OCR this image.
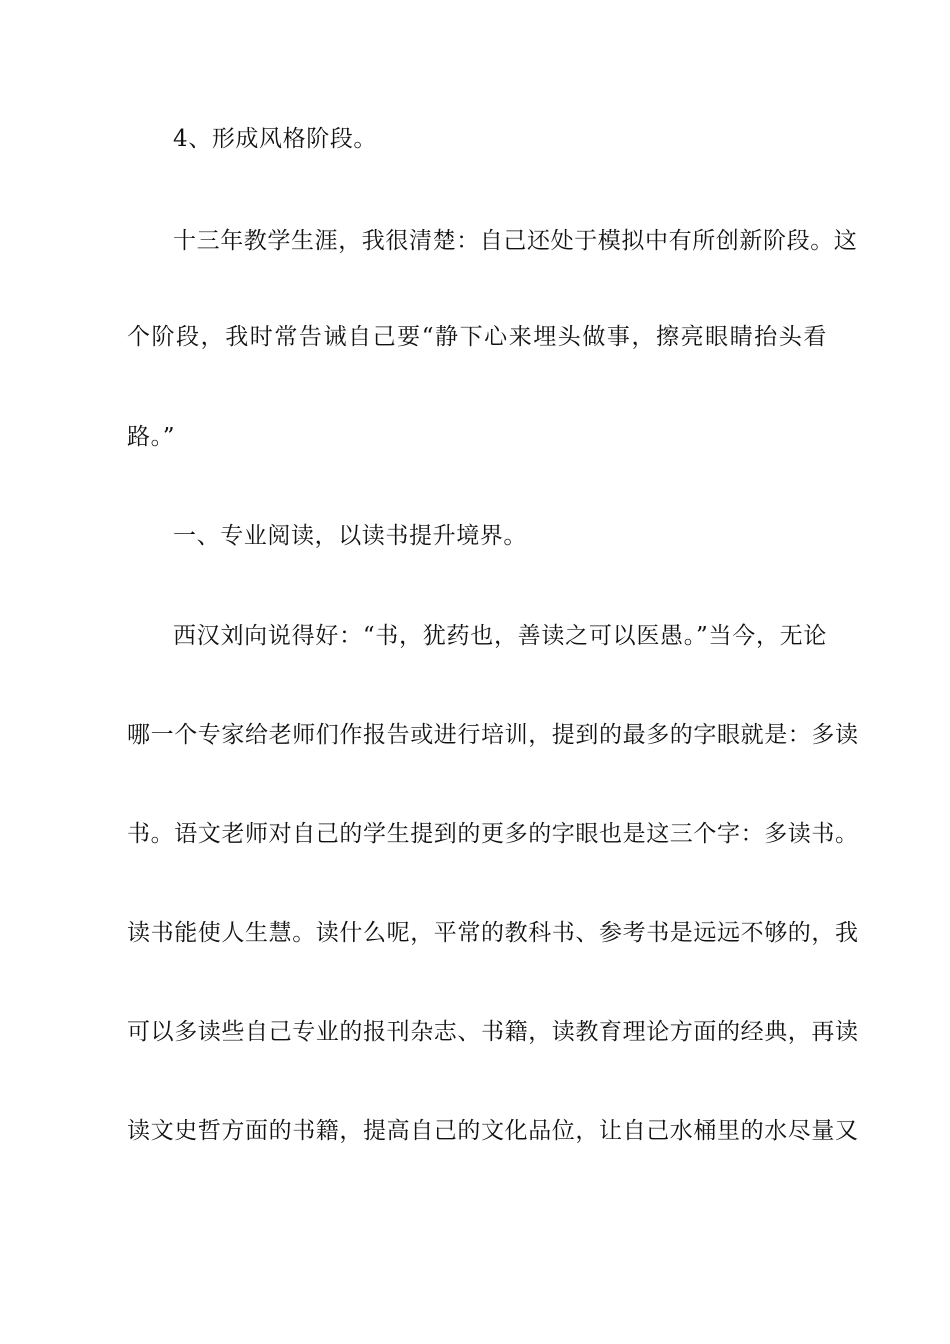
4、形成风格阶段。
十三年教学生涯，我很清楚：自己还处于模拟中有所创新阶段。这
个阶段，我时常告诫自己要“静下心来埋头做事，擦亮眼睛抬头看
路。”
一、专业阅读，以读书提升境界。
西汉刘向说得好：“书，犹药也，善读之可以医愚。”当今，无论
哪一个专家给老师们作报告或进行培训，提到的最多的字眼就是：多读
书。语文老师对自己的学生提到的更多的字眼也是这三个字：多读书。
读书能使人生慧。读什么呢，平常的教科书、参考书是远远不够的，我
可以多读些自己专业的报刊杂志、书籍，读教育理论方面的经典，再读
读文史哲方面的书籍，提高自己的文化品位，让自己水桶里的水尽量又
